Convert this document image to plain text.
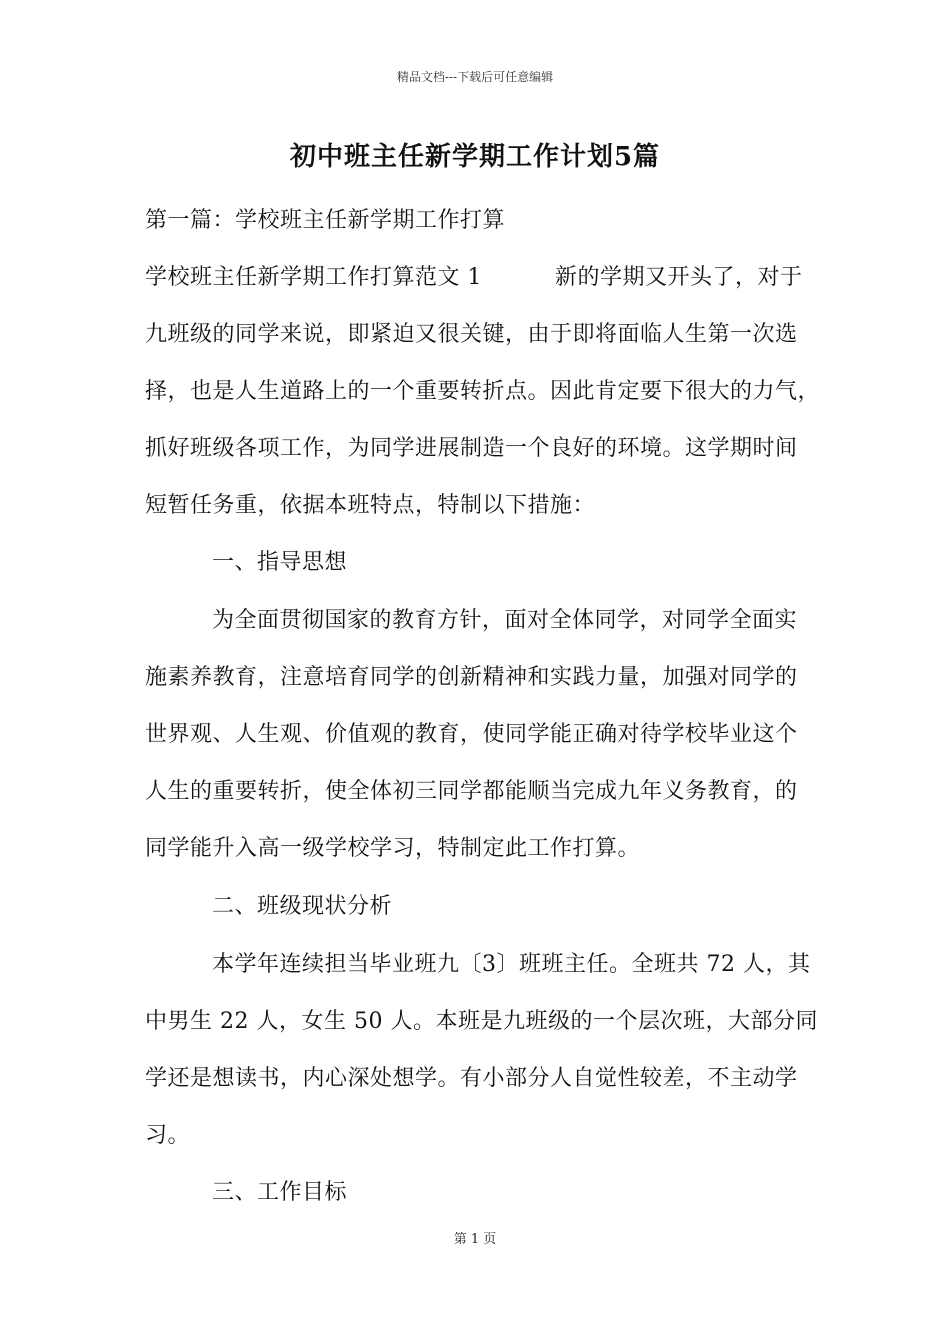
精品文档---下载后可任意编辑
初中班主任新学期工作计划5篇
第一篇：学校班主任新学期工作打算
学校班主任新学期工作打算范文 1	新的学期又开头了，对于
九班级的同学来说，即紧迫又很关键，由于即将面临人生第一次选
择，也是人生道路上的一个重要转折点。因此肯定要下很大的力气，
抓好班级各项工作，为同学进展制造一个良好的环境。这学期时间
短暂任务重，依据本班特点，特制以下措施：
一、指导思想
为全面贯彻国家的教育方针，面对全体同学，对同学全面实
施素养教育，注意培育同学的创新精神和实践力量，加强对同学的
世界观、人生观、价值观的教育，使同学能正确对待学校毕业这个
人生的重要转折，使全体初三同学都能顺当完成九年义务教育，的
同学能升入高一级学校学习，特制定此工作打算。
二、班级现状分析
本学年连续担当毕业班九〔3〕班班主任。全班共 72 人，其
中男生 22 人，女生 50 人。本班是九班级的一个层次班，大部分同
学还是想读书，内心深处想学。有小部分人自觉性较差，不主动学
习。
三、工作目标
第 1 页
